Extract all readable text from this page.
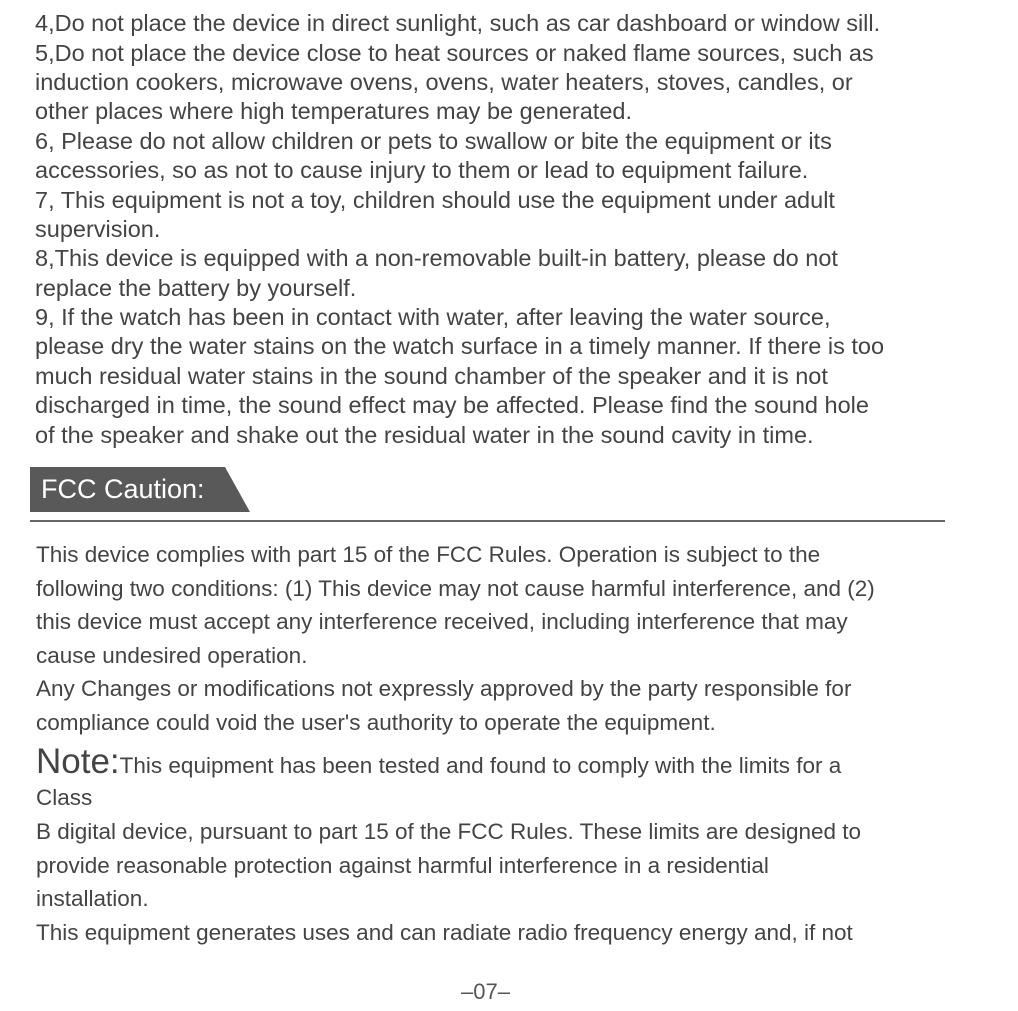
4,Do not place the device in direct sunlight, such as car dashboard or window sill.
5,Do not place the device close to heat sources or naked flame sources, such as
induction cookers, microwave ovens, ovens, water heaters, stoves, candles, or
other places where high temperatures may be generated.
6, Please do not allow children or pets to swallow or bite the equipment or its
accessories, so as not to cause injury to them or lead to equipment failure.
7, This equipment is not a toy, children should use the equipment under adult
supervision.
8,This device is equipped with a non-removable built-in battery, please do not
replace the battery by yourself.
9, If the watch has been in contact with water, after leaving the water source,
please dry the water stains on the watch surface in a timely manner. If there is too
much residual water stains in the sound chamber of the speaker and it is not
discharged in time, the sound effect may be affected. Please find the sound hole
of the speaker and shake out the residual water in the sound cavity in time.
FCC Caution:
This device complies with part 15 of the FCC Rules. Operation is subject to the
following two conditions: (1) This device may not cause harmful interference, and (2)
this device must accept any interference received, including interference that may
cause undesired operation.
Any Changes or modifications not expressly approved by the party responsible for
compliance could void the user's authority to operate the equipment.
Note:This equipment has been tested and found to comply with the limits for a
Class
B digital device, pursuant to part 15 of the FCC Rules. These limits are designed to
provide reasonable protection against harmful interference in a residential
installation.
This equipment generates uses and can radiate radio frequency energy and, if not
–07–
